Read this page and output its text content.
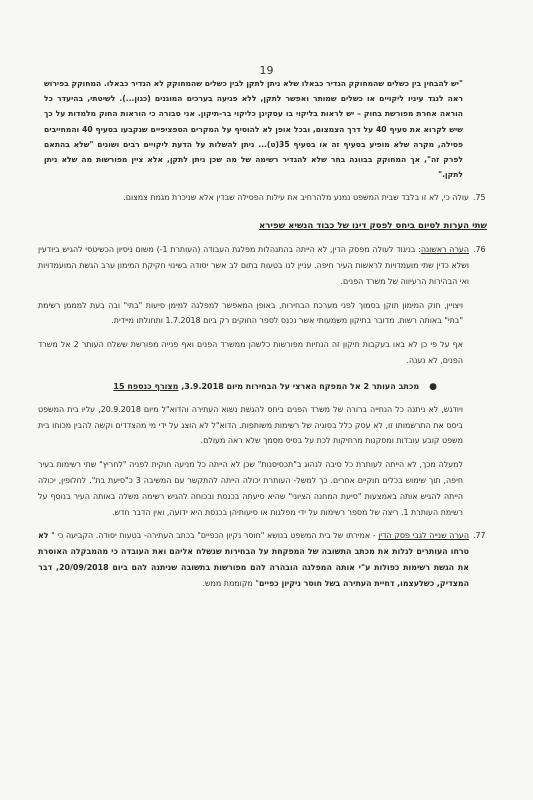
19

"יש להבחין בין כשלים שהמחוקק הגדיר כבאלו שלא ניתן לתקן לבין כשלים שהמחוקק לא הגדיר כבאלו. המחוקק בפירוש ראה לנגד עיניו ליקויים או כשלים שמותר ואפשר לתקן, ללא פגיעה בערכים המוגנים (כגון...). לשיטתי, בהיעדר כל הוראה אחרת מפורשת בחוק – יש לראות בליקוי בו עסקינן כליקוי בר-תיקון. אני סבורה כי הוראות החוק מלמדות על כך שיש לקרוא את סעיף 40 על דרך הצמצום, ובכל אופן לא להוסיף על המקרים הספציפיים שנקבעו בסעיף 40 והמחייבים פסילה, מקרה שלא מופיע בסעיף זה או בסעיף 35(ט)... ניתן להשלות על הדעת ליקויים רבים ושונים "שלא בהתאם לפרק זה", אך המחוקק בבוונה בחר שלא להגדיר רשימה של מה שכן ניתן לתקן, אלא ציין מפורשות מה שלא ניתן לתקן."

.75
עולה כי, לא זו בלבד שבית המשפט נמנע מלהרחיב את עילות הפסילה שבדין אלא שניכרת מגמת צמצום.
שתי הערות לסיום ביחס לפסק דינו של כבוד הנשיא שפירא
.76
הערה ראשונה: בניגוד לעולה מפסק הדין, לא הייתה בהתנהלות מפלגת העבודה (העותרת 1-) משום ניסיון הכשיטסי להגיש ביודעין ושלא כדין שתי מועמדויות לראשות העיר חיפה. עניין לנו בטעות בתום לב אשר יסודה בשינוי חקיקת המימון ערב הגשת המועמדויות ואי הבהירות הרעיווה של משרד הפנים.

ויצויין, חוק המימון תוקן בסמוך לפני מערכת הבחירות, באופן המאפשר למפלגה למימן סיעות "בתי" ובה בעת למממן רשימת "בתי" באותה רשות. מדובר בתיקון משמעותי אשר נכנס לספר החוקים רק ביום 1.7.2018 ותחולתו מיידית.

אף על פי כן לא באו בעקבות תיקון זה הנחיות מפורשות כלשהן ממשרד הפנים ואף פנייה מפורשת ששלח העותר 2 אל משרד הפנים, לא נענה.

●
מכתב העותר 2 אל המפקח הארצי על הבחירות מיום 3.9.2018, מצורף כנספח 15

ויודגש, לא ניתנה כל הנחייה ברורה של משרד הפנים ביחס להגשת נשוא העתירה והדוא"ל מיום 20.9.2018, עליו בית המשפט ביסס את התרשמותו זו, לא עסק כלל בסוגיה של רשימות משותפות. הדוא"ל לא הוצג על ידי מי מהצדדים וקשה להבין מכוחו בית משפט קובע עובדות ומסקנות מרחיקות לכת על בסיס מסמך שלא ראה מעולם.

למעלה מכך, לא הייתה לעותרת כל סיבה לנהוג ב"תכסיסנות" שכן לא הייתה כל מניעה חוקית לפניה "לחריץ" שתי רשימות בעיר חיפה, תוך שימוש בכלים חוקיים אחרים. כך למשל- העותרת יכולה הייתה להתקשר עם המשיבה 3 כ"סיעת בת". לחלופין, יכולה הייתה להגיש אותה באמצעות "סיעת המחנה הציוני" שהיא סיעתה בכנסת ובכוחה להגיש רשימה משלה באותה העיר בנוסף על רשימת העותרת 1. ריצה של מספר רשימות על ידי מפלגות או סיעותיהן בכנסת היא ידועה, ואין הדבר חדש.

.77
הערה שנייה לגבי פסק הדין - אמירתו של בית המשפט בנושא "חוסר נקיון הכפיים" בכתב העתירה- בטעות יסודה. הקביעה כי " לא טרחו העותרים לגלות את מכתב התשובה של המפקחת על הבחירות שנשלח אליהם ואת העובדה כי מהמבקלה האוסרת את הגשת רשימות כפולות ע"י אותה המפלגה הובהרה להם מפורשות בתשובה שניתנה להם ביום 20/09/2018, דבר המצדיק, כשלעצמו, דחיית העתירה בשל חוסר ניקיון כפיים" מקוממת ממש.
